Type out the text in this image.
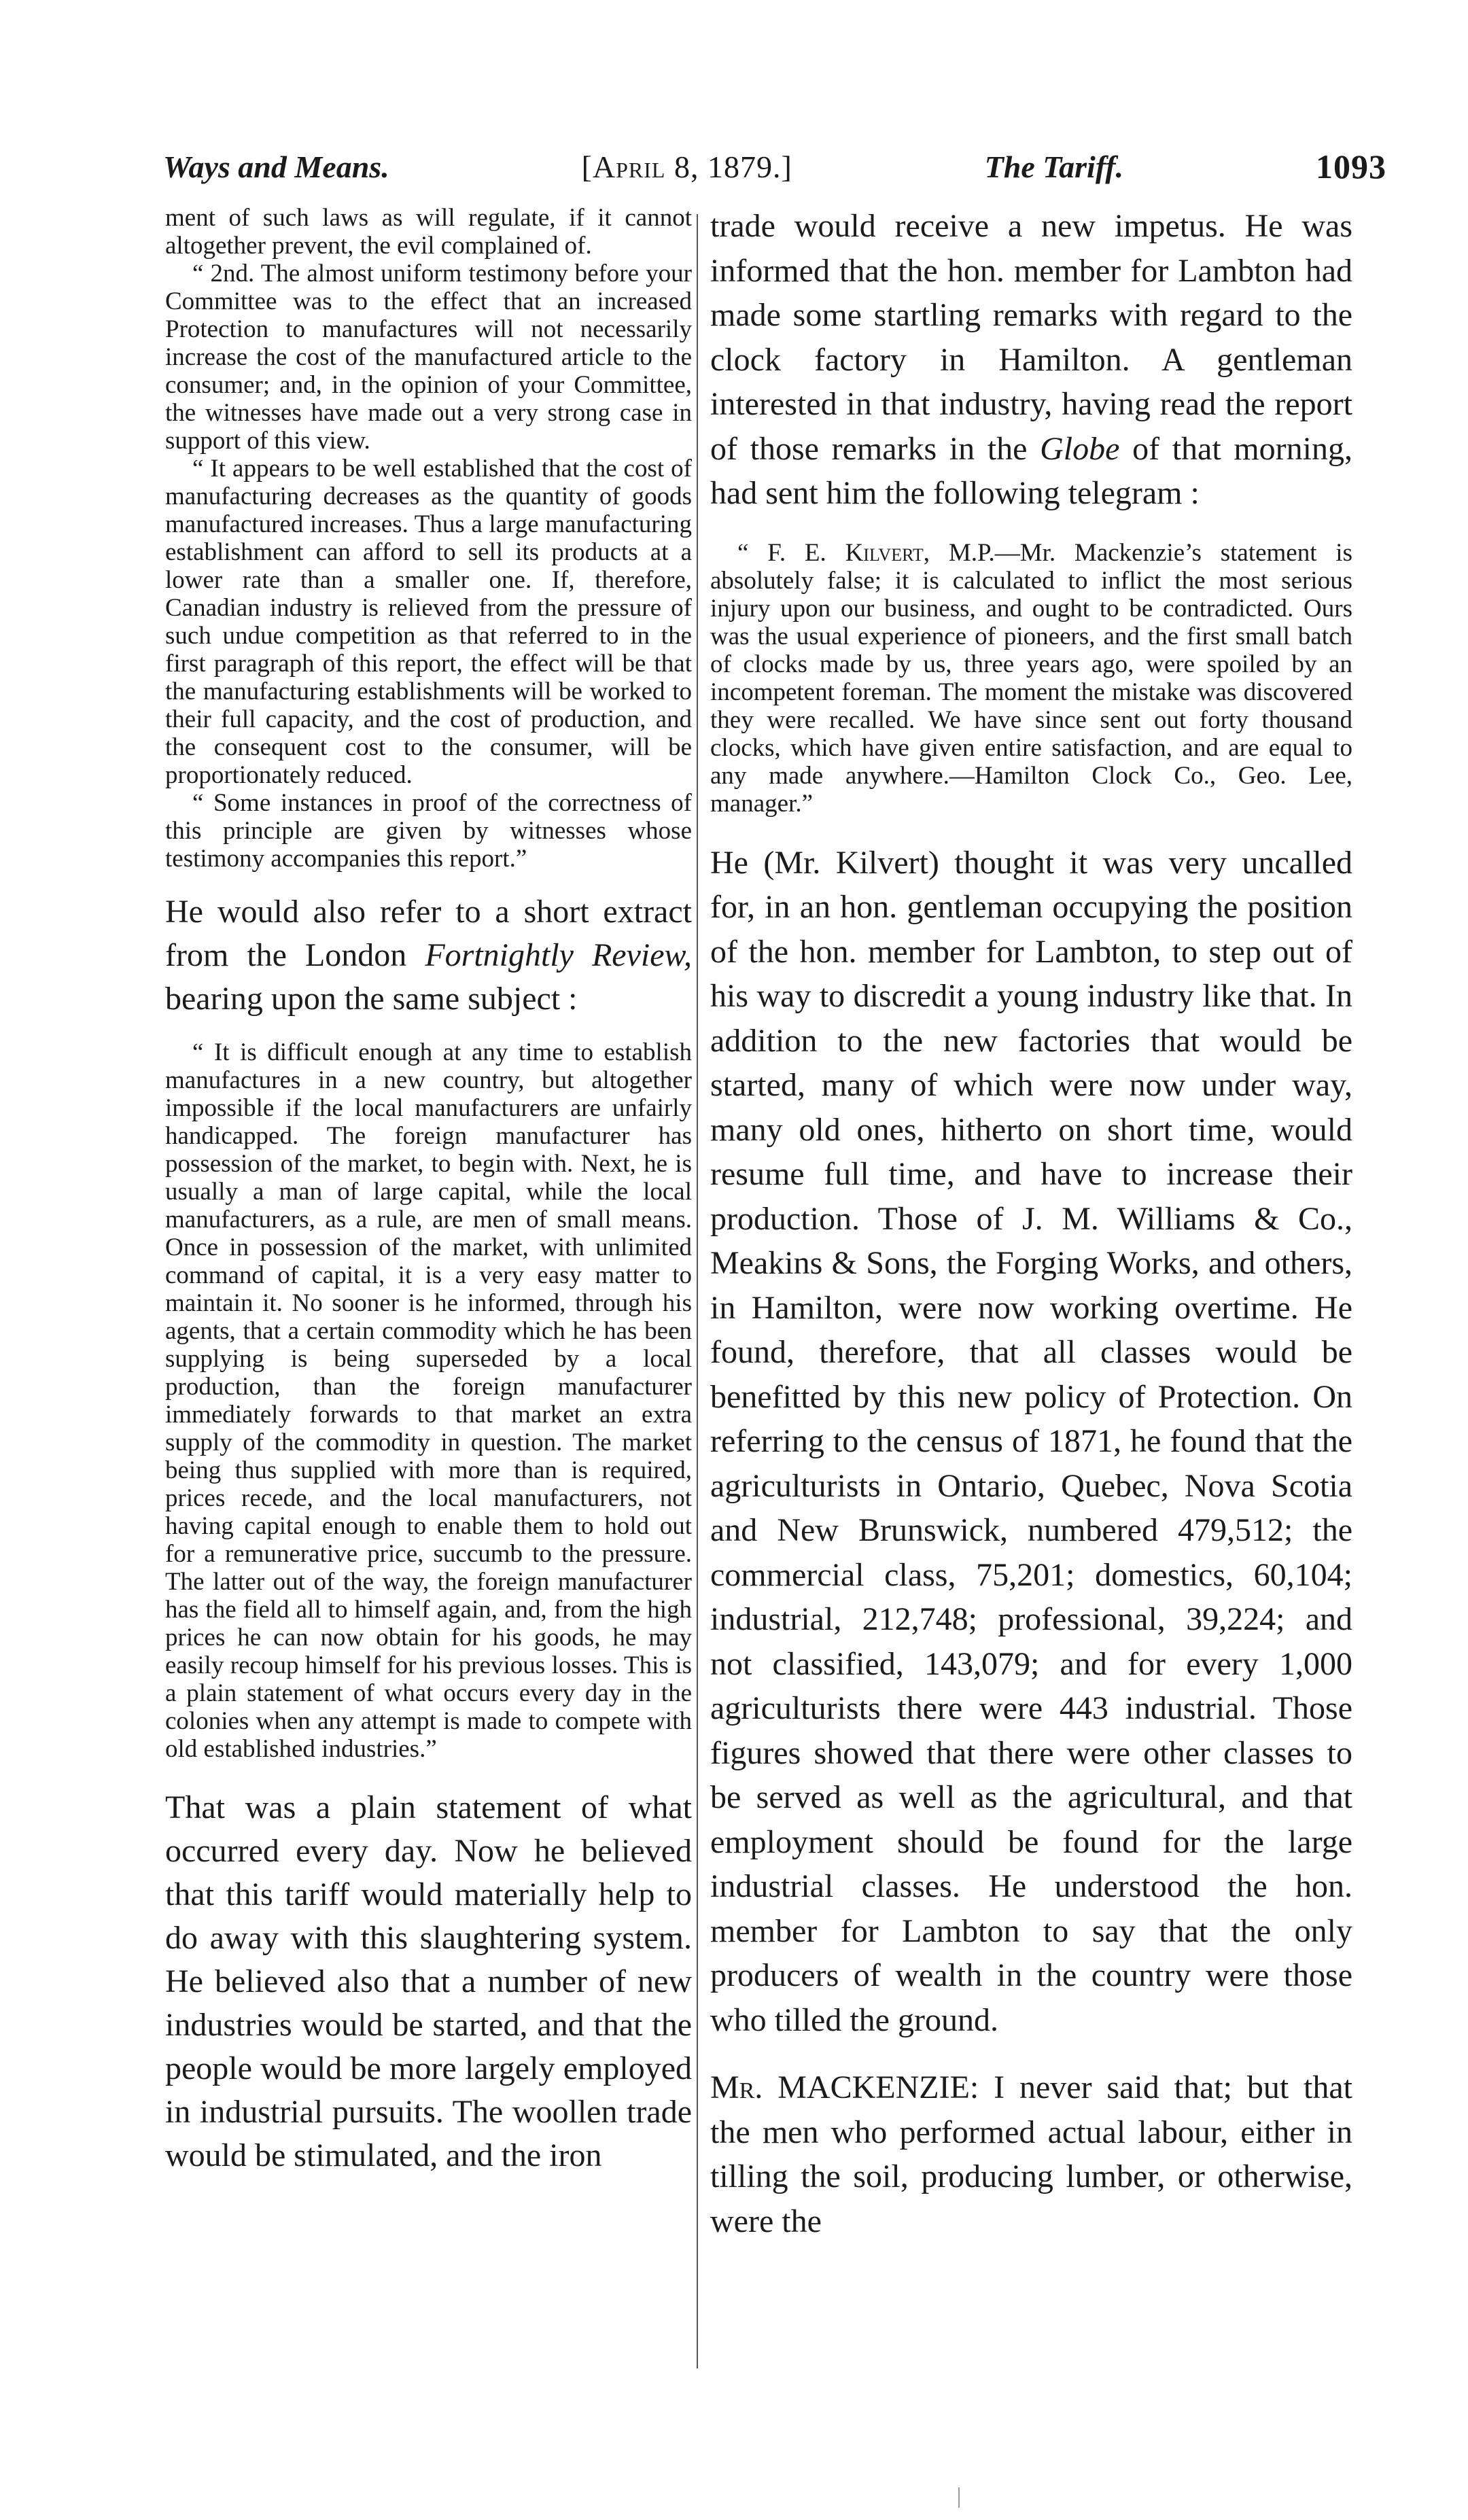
Ways and Means.	[April 8, 1879.]	The Tariff.	1093

ment of such laws as will regulate, if it cannot altogether prevent, the evil complained of.

“ 2nd. The almost uniform testimony before your Committee was to the effect that an increased Protection to manufactures will not necessarily increase the cost of the manufactured article to the consumer; and, in the opinion of your Committee, the witnesses have made out a very strong case in support of this view.

“ It appears to be well established that the cost of manufacturing decreases as the quantity of goods manufactured increases. Thus a large manufacturing establishment can afford to sell its products at a lower rate than a smaller one. If, therefore, Canadian industry is relieved from the pressure of such undue competition as that referred to in the first paragraph of this report, the effect will be that the manufacturing establishments will be worked to their full capacity, and the cost of production, and the consequent cost to the consumer, will be proportionately reduced.

“ Some instances in proof of the correctness of this principle are given by witnesses whose testimony accompanies this report.”

He would also refer to a short extract from the London Fortnightly Review, bearing upon the same subject :

“ It is difficult enough at any time to establish manufactures in a new country, but altogether impossible if the local manufacturers are unfairly handicapped. The foreign manufacturer has possession of the market, to begin with. Next, he is usually a man of large capital, while the local manufacturers, as a rule, are men of small means. Once in possession of the market, with unlimited command of capital, it is a very easy matter to maintain it. No sooner is he informed, through his agents, that a certain commodity which he has been supplying is being superseded by a local production, than the foreign manufacturer immediately forwards to that market an extra supply of the commodity in question. The market being thus supplied with more than is required, prices recede, and the local manufacturers, not having capital enough to enable them to hold out for a remunerative price, succumb to the pressure. The latter out of the way, the foreign manufacturer has the field all to himself again, and, from the high prices he can now obtain for his goods, he may easily recoup himself for his previous losses. This is a plain statement of what occurs every day in the colonies when any attempt is made to compete with old established industries.”

That was a plain statement of what occurred every day. Now he believed that this tariff would materially help to do away with this slaughtering system. He believed also that a number of new industries would be started, and that the people would be more largely employed in industrial pursuits. The woollen trade would be stimulated, and the iron

trade would receive a new impetus. He was informed that the hon. member for Lambton had made some startling remarks with regard to the clock factory in Hamilton. A gentleman interested in that industry, having read the report of those remarks in the Globe of that morning, had sent him the following telegram :

“ F. E. Kilvert, M.P.—Mr. Mackenzie’s statement is absolutely false; it is calculated to inflict the most serious injury upon our business, and ought to be contradicted. Ours was the usual experience of pioneers, and the first small batch of clocks made by us, three years ago, were spoiled by an incompetent foreman. The moment the mistake was discovered they were recalled. We have since sent out forty thousand clocks, which have given entire satisfaction, and are equal to any made anywhere.—Hamilton Clock Co., Geo. Lee, manager.”

He (Mr. Kilvert) thought it was very uncalled for, in an hon. gentleman occupying the position of the hon. member for Lambton, to step out of his way to discredit a young industry like that. In addition to the new factories that would be started, many of which were now under way, many old ones, hitherto on short time, would resume full time, and have to increase their production. Those of J. M. Williams & Co., Meakins & Sons, the Forging Works, and others, in Hamilton, were now working overtime. He found, therefore, that all classes would be benefitted by this new policy of Protection. On referring to the census of 1871, he found that the agriculturists in Ontario, Quebec, Nova Scotia and New Brunswick, numbered 479,512; the commercial class, 75,201; domestics, 60,104; industrial, 212,748; professional, 39,224; and not classified, 143,079; and for every 1,000 agriculturists there were 443 industrial. Those figures showed that there were other classes to be served as well as the agricultural, and that employment should be found for the large industrial classes. He understood the hon. member for Lambton to say that the only producers of wealth in the country were those who tilled the ground.

Mr. MACKENZIE: I never said that; but that the men who performed actual labour, either in tilling the soil, producing lumber, or otherwise, were the
